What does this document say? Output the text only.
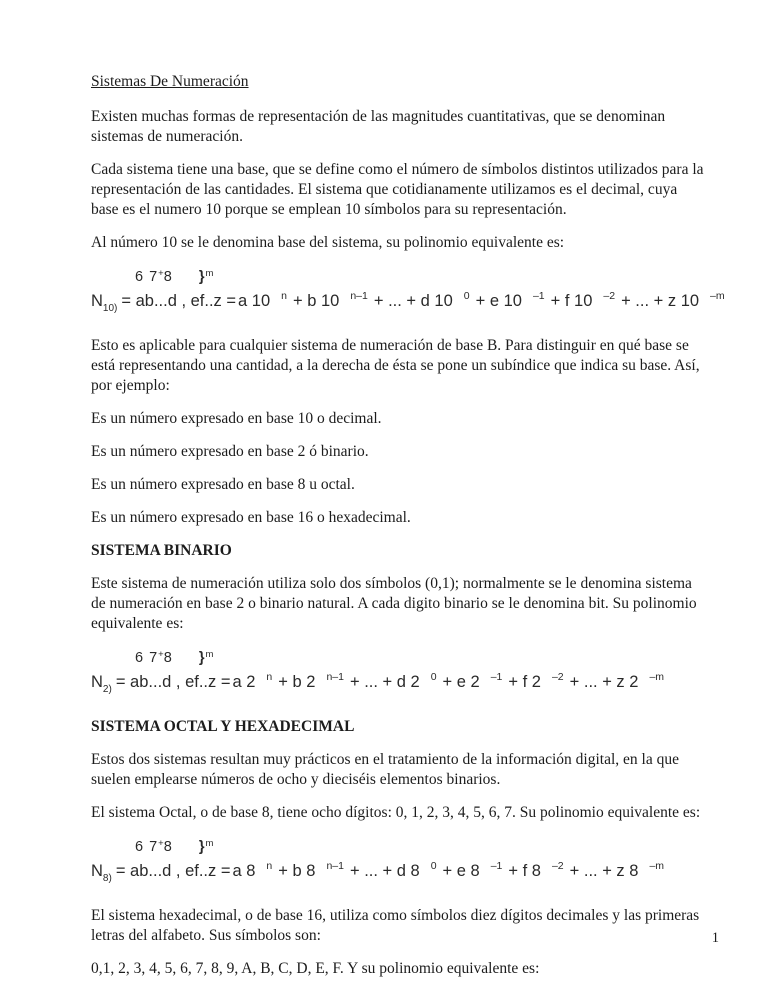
Sistemas De Numeración

Existen muchas formas de representación de las magnitudes cuantitativas, que se denominan sistemas de numeración.

Cada sistema tiene una base, que se define como el número de símbolos distintos utilizados para la representación de las cantidades. El sistema que cotidianamente utilizamos es el decimal, cuya base es el numero 10 porque se emplean 10 símbolos para su representación.

Al número 10 se le denomina base del sistema, su polinomio equivalente es:

6 7+8 }$^m$
$N_{10)} = ab...d$ , ef..z = a 10 $^n$ + b 10 $^{n-1}$ + ... + d 10 $^0$ + e 10 $^{-1}$ + f 10 $^{-2}$ + ... + z 10 $^{-m}$

Esto es aplicable para cualquier sistema de numeración de base B. Para distinguir en qué base se está representando una cantidad, a la derecha de ésta se pone un subíndice que indica su base. Así, por ejemplo:

Es un número expresado en base 10 o decimal.

Es un número expresado en base 2 ó binario.

Es un número expresado en base 8 u octal.

Es un número expresado en base 16 o hexadecimal.

SISTEMA BINARIO

Este sistema de numeración utiliza solo dos símbolos (0,1); normalmente se le denomina sistema de numeración en base 2 o binario natural. A cada digito binario se le denomina bit. Su polinomio equivalente es:

6 7+8 }$^m$
$N_{2)} = ab...d$ , ef..z = a 2 $^n$ + b 2 $^{n-1}$ + ... + d 2 $^0$ + e 2 $^{-1}$ + f 2 $^{-2}$ + ... + z 2 $^{-m}$
SISTEMA OCTAL Y HEXADECIMAL

Estos dos sistemas resultan muy prácticos en el tratamiento de la información digital, en la que suelen emplearse números de ocho y dieciséis elementos binarios.

El sistema Octal, o de base 8, tiene ocho dígitos: 0, 1, 2, 3, 4, 5, 6, 7. Su polinomio equivalente es:

6 7+8 }$^m$
$N_{8)} = ab...d$ , ef..z = a 8 $^n$ + b 8 $^{n-1}$ + ... + d 8 $^0$ + e 8 $^{-1}$ + f 8 $^{-2}$ + ... + z 8 $^{-m}$

El sistema hexadecimal, o de base 16, utiliza como símbolos diez dígitos decimales y las primeras letras del alfabeto. Sus símbolos son:

0,1, 2, 3, 4, 5, 6, 7, 8, 9, A, B, C, D, E, F. Y su polinomio equivalente es:

1
